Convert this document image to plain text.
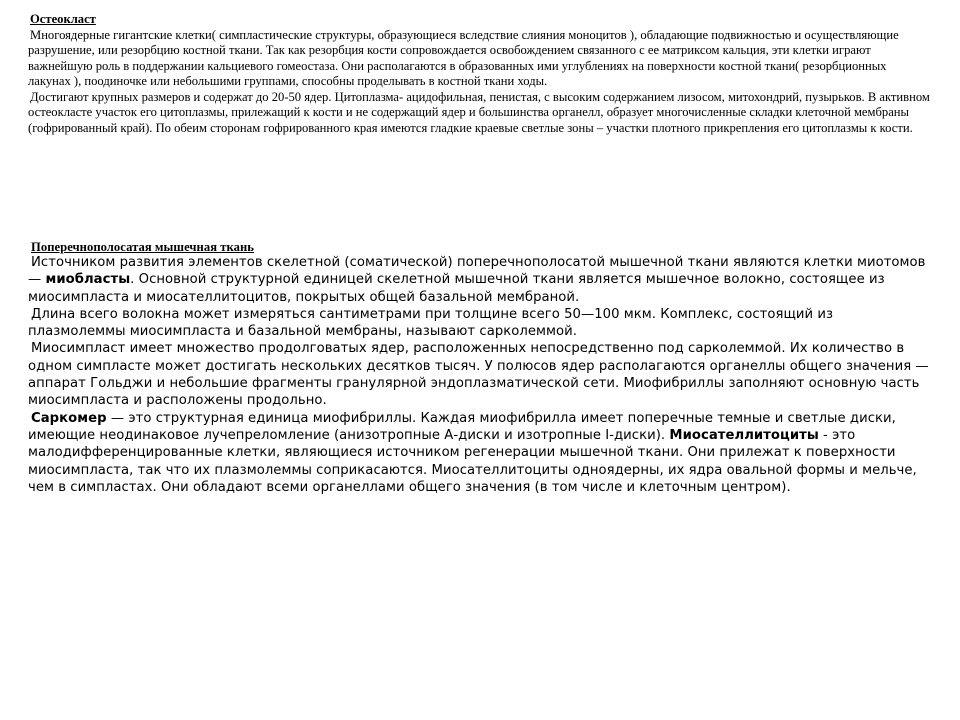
Остеокласт

Многоядерные гигантские клетки( симпластические структуры, образующиеся вследствие слияния моноцитов ), обладающие подвижностью и осуществляющие разрушение, или резорбцию костной ткани. Так как резорбция кости сопровождается освобождением связанного с ее матриксом кальция, эти клетки играют важнейшую роль в поддержании кальциевого гомеостаза. Они располагаются в образованных ими углублениях на поверхности костной ткани( резорбционных лакунах ), поодиночке или небольшими группами, способны проделывать в костной ткани ходы.

Достигают крупных размеров и содержат до 20-50 ядер. Цитоплазма- ацидофильная, пенистая, с высоким содержанием лизосом, митохондрий, пузырьков. В активном остеокласте участок его цитоплазмы, прилежащий к кости и не содержащий ядер и большинства органелл, образует многочисленные складки клеточной мембраны (гофрированный край). По обеим сторонам гофрированного края имеются гладкие краевые светлые зоны – участки плотного прикрепления его цитоплазмы к кости.

Поперечнополосатая мышечная ткань

Источником развития элементов скелетной (соматической) поперечнополосатой мышечной ткани являются клетки миотомов — миобласты. Основной структурной единицей скелетной мышечной ткани является мышечное волокно, состоящее из миосимпласта и миосателлитоцитов, покрытых общей базальной мембраной.

Длина всего волокна может измеряться сантиметрами при толщине всего 50—100 мкм. Комплекс, состоящий из плазмолеммы миосимпласта и базальной мембраны, называют сарколеммой.

Миосимпласт имеет множество продолговатых ядер, расположенных непосредственно под сарколеммой. Их количество в одном симпласте может достигать нескольких десятков тысяч. У полюсов ядер располагаются органеллы общего значения — аппарат Гольджи и небольшие фрагменты гранулярной эндоплазматической сети. Миофибриллы заполняют основную часть миосимпласта и расположены продольно.

Саркомер — это структурная единица миофибриллы. Каждая миофибрилла имеет поперечные темные и светлые диски, имеющие неодинаковое лучепреломление (анизотропные А-диски и изотропные I-диски). Миосателлитоциты - это малодифференцированные клетки, являющиеся источником регенерации мышечной ткани. Они прилежат к поверхности миосимпласта, так что их плазмолеммы соприкасаются. Миосателлитоциты одноядерны, их ядра овальной формы и мельче, чем в симпластах. Они обладают всеми органеллами общего значения (в том числе и клеточным центром).
